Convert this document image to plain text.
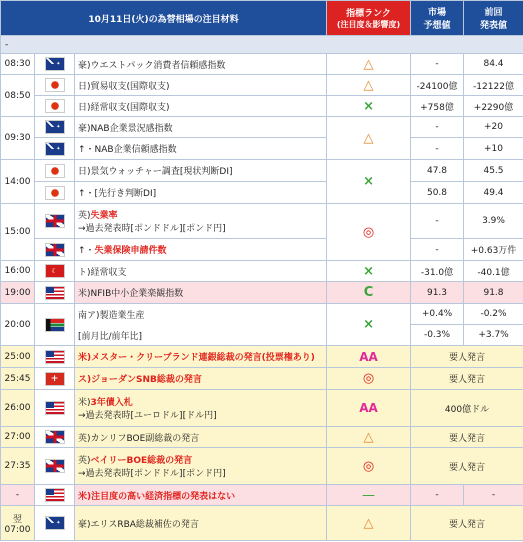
10月11日(火)の為替相場の注目材料			指標ランク
(注目度＆影響度)	市場
予想値	前回
発表値

-					
08:30	✦	豪)ウエストパック消費者信頼感指数	△	-	84.4
08:50		日)貿易収支(国際収支)	△	-24100億	-12122億
		日)経常収支(国際収支)	×	+758億	+2290億
09:30	✦	豪)NAB企業景況感指数	△	-	+20

	✦	↑・NAB企業信頼感指数		-	+10
14:00		日)景気ウォッチャー調査[現状判断DI]	×	47.8	45.5
		↑・[先行き判断DI]		50.8	49.4
15:00		英)失業率
→過去発表時[ポンドドル][ポンド円]	◎	-	3.9%
		↑・失業保険申請件数		-	+0.63万件
16:00	☾	ト)経常収支	×	-31.0億	-40.1億
19:00		米)NFIB中小企業楽観指数	C	91.3	91.8
20:00		南ア)製造業生産
[前月比/前年比]	×	+0.4%	-0.2%
				-0.3%	+3.7%
25:00		米)メスター・クリーブランド連銀総裁の発言(投票権あり)	AA	要人発言	
25:45	+	ス)ジョーダンSNB総裁の発言	◎	要人発言	
26:00		米)3年債入札
→過去発表時[ユーロドル][ドル円]	AA	400億ドル	
27:00		英)カンリフBOE副総裁の発言	△	要人発言	
27:35		英)ベイリーBOE総裁の発言
→過去発表時[ポンドドル][ポンド円]	◎	要人発言	
-		米)注目度の高い経済指標の発表はない	—	-	-

翌
07:00	✦	豪)エリスRBA総裁補佐の発言	△	要人発言	
